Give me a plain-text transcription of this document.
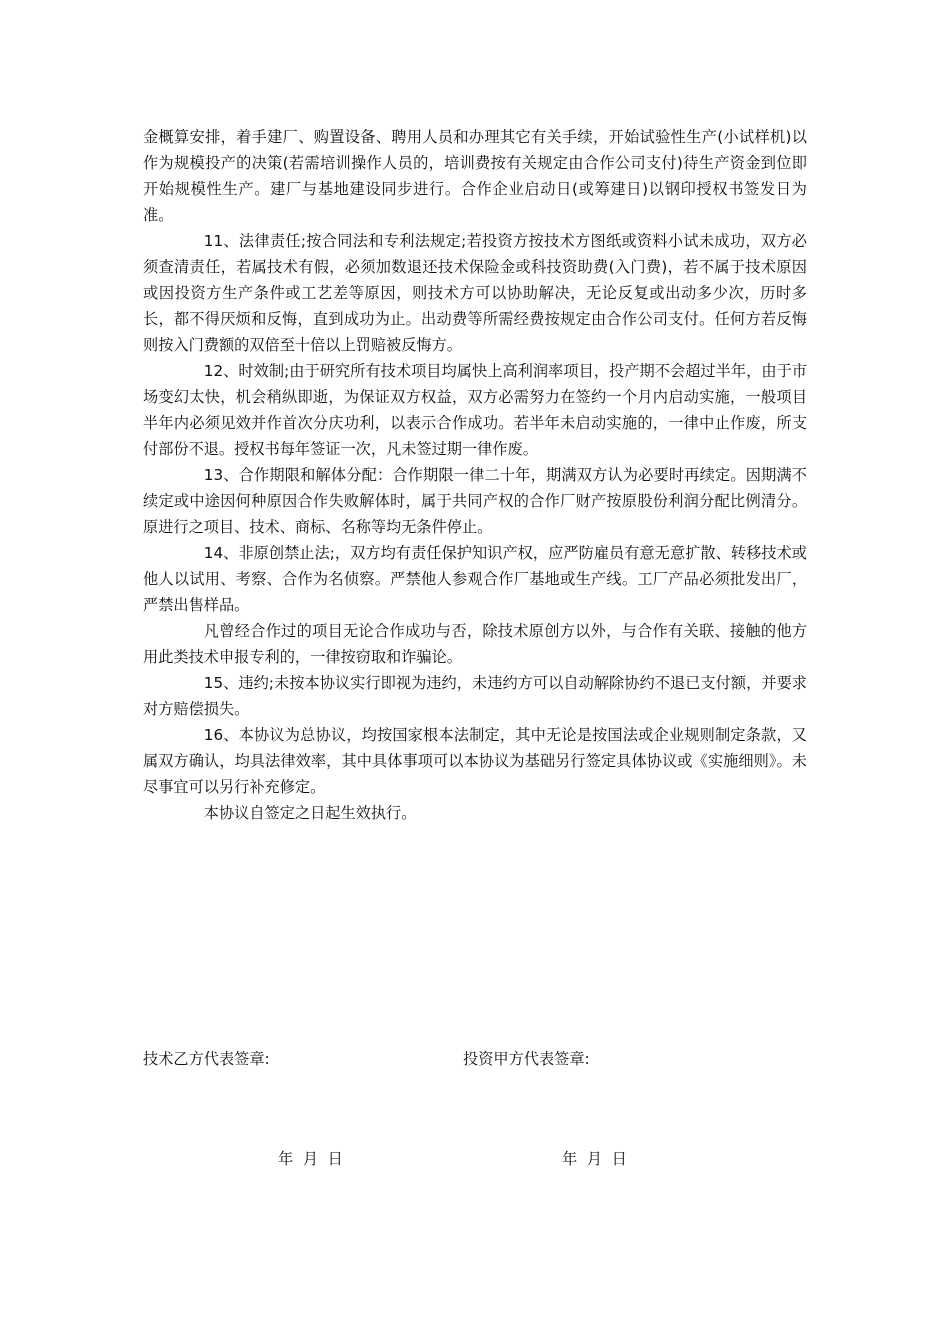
金概算安排，着手建厂、购置设备、聘用人员和办理其它有关手续，开始试验性生产(小试样机)以作为规模投产的决策(若需培训操作人员的，培训费按有关规定由合作公司支付)待生产资金到位即开始规模性生产。建厂与基地建设同步进行。合作企业启动日(或筹建日)以钢印授权书签发日为准。

11、法律责任;按合同法和专利法规定;若投资方按技术方图纸或资料小试未成功，双方必须查清责任，若属技术有假，必须加数退还技术保险金或科技资助费(入门费)，若不属于技术原因或因投资方生产条件或工艺差等原因，则技术方可以协助解决，无论反复或出动多少次，历时多长，都不得厌烦和反悔，直到成功为止。出动费等所需经费按规定由合作公司支付。任何方若反悔则按入门费额的双倍至十倍以上罚赔被反悔方。

12、时效制;由于研究所有技术项目均属快上高利润率项目，投产期不会超过半年，由于市场变幻太快，机会稍纵即逝，为保证双方权益，双方必需努力在签约一个月内启动实施，一般项目半年内必须见效并作首次分庆功利，以表示合作成功。若半年未启动实施的，一律中止作废，所支付部份不退。授权书每年签证一次，凡未签过期一律作废。

13、合作期限和解体分配：合作期限一律二十年，期满双方认为必要时再续定。因期满不续定或中途因何种原因合作失败解体时，属于共同产权的合作厂财产按原股份利润分配比例清分。原进行之项目、技术、商标、名称等均无条件停止。

14、非原创禁止法;，双方均有责任保护知识产权，应严防雇员有意无意扩散、转移技术或他人以试用、考察、合作为名侦察。严禁他人参观合作厂基地或生产线。工厂产品必须批发出厂，严禁出售样品。

凡曾经合作过的项目无论合作成功与否，除技术原创方以外，与合作有关联、接触的他方用此类技术申报专利的，一律按窃取和诈骗论。

15、违约;未按本协议实行即视为违约，未违约方可以自动解除协约不退已支付额，并要求对方赔偿损失。

16、本协议为总协议，均按国家根本法制定，其中无论是按国法或企业规则制定条款，又属双方确认，均具法律效率，其中具体事项可以本协议为基础另行签定具体协议或《实施细则》。未尽事宜可以另行补充修定。

本协议自签定之日起生效执行。

技术乙方代表签章:	投资甲方代表签章:
年  月  日	年  月  日
